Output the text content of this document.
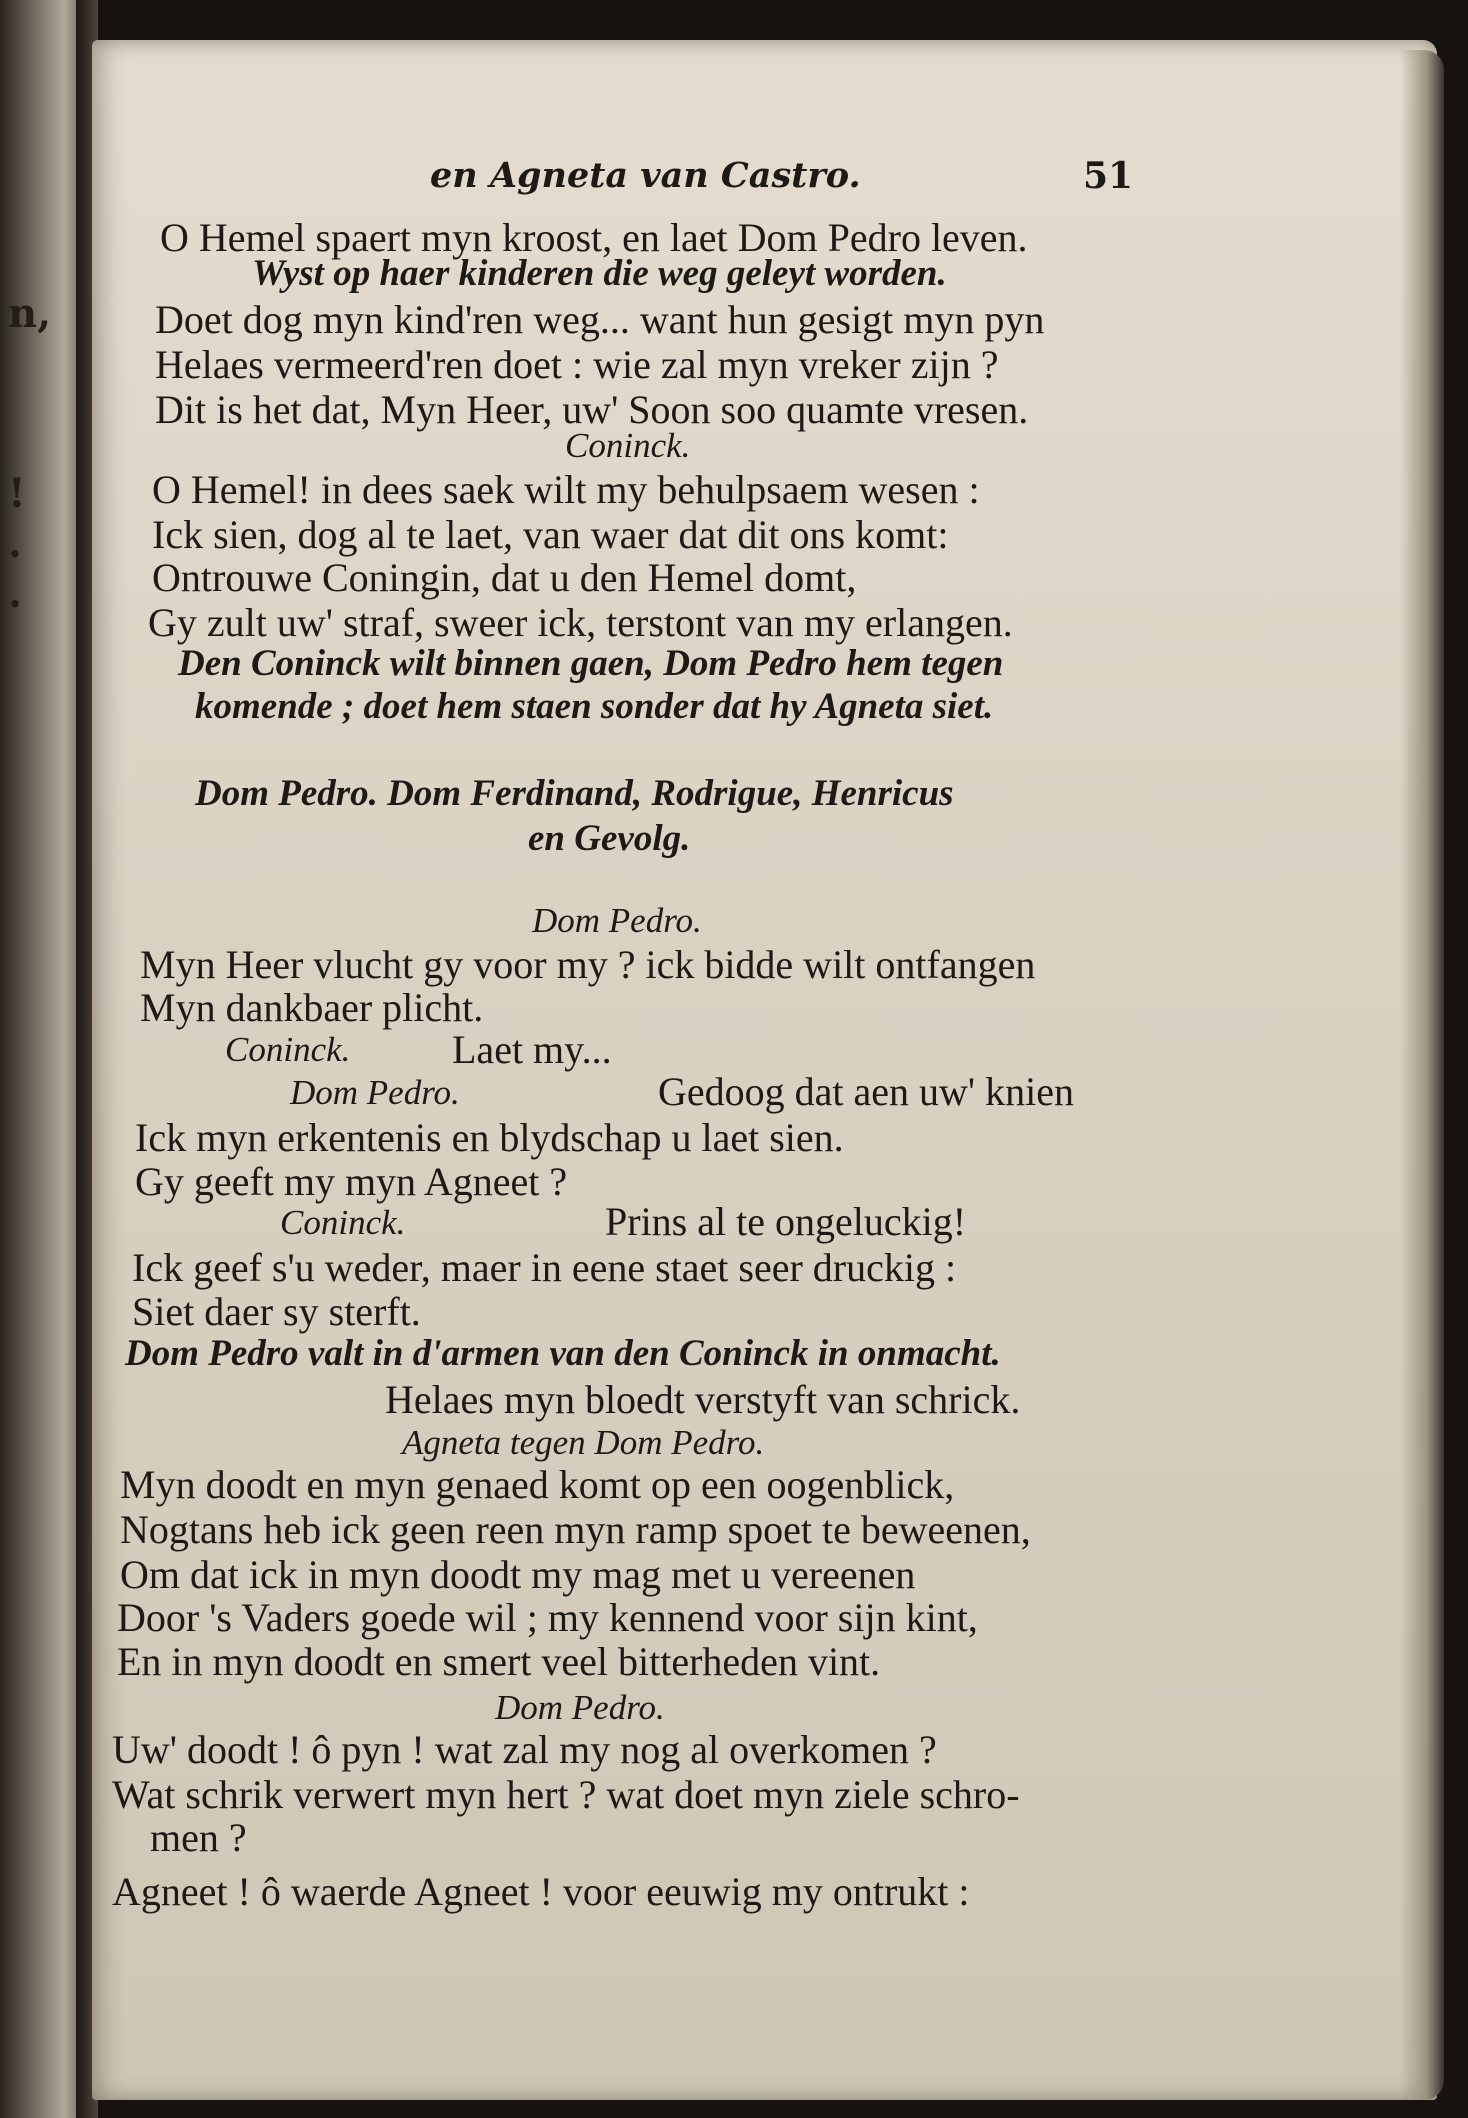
n,
!
.
.
en Agneta van Castro.	51
O Hemel spaert myn kroost, en laet Dom Pedro leven.
Wyst op haer kinderen die weg geleyt worden.
Doet dog myn kind'ren weg... want hun gesigt myn pyn
Helaes vermeerd'ren doet : wie zal myn vreker zijn ?
Dit is het dat, Myn Heer, uw' Soon soo quamte vresen.
Coninck.
O Hemel! in dees saek wilt my behulpsaem wesen :
Ick sien, dog al te laet, van waer dat dit ons komt:
Ontrouwe Coningin, dat u den Hemel domt,
Gy zult uw' straf, sweer ick, terstont van my erlangen.
Den Coninck wilt binnen gaen, Dom Pedro hem tegen
komende ; doet hem staen sonder dat hy Agneta siet.
Dom Pedro. Dom Ferdinand, Rodrigue, Henricus
en Gevolg.
Dom Pedro.
Myn Heer vlucht gy voor my ? ick bidde wilt ontfangen
Myn dankbaer plicht.
Coninck.	Laet my...
Dom Pedro.	Gedoog dat aen uw' knien
Ick myn erkentenis en blydschap u laet sien.
Gy geeft my myn Agneet ?
Coninck.	Prins al te ongeluckig!
Ick geef s'u weder, maer in eene staet seer druckig :
Siet daer sy sterft.
Dom Pedro valt in d'armen van den Coninck in onmacht.
Helaes myn bloedt verstyft van schrick.
Agneta tegen Dom Pedro.
Myn doodt en myn genaed komt op een oogenblick,
Nogtans heb ick geen reen myn ramp spoet te beweenen,
Om dat ick in myn doodt my mag met u vereenen
Door 's Vaders goede wil ; my kennend voor sijn kint,
En in myn doodt en smert veel bitterheden vint.
Dom Pedro.
Uw' doodt ! ô pyn ! wat zal my nog al overkomen ?
Wat schrik verwert myn hert ? wat doet myn ziele schro-
men ?
Agneet ! ô waerde Agneet ! voor eeuwig my ontrukt :
